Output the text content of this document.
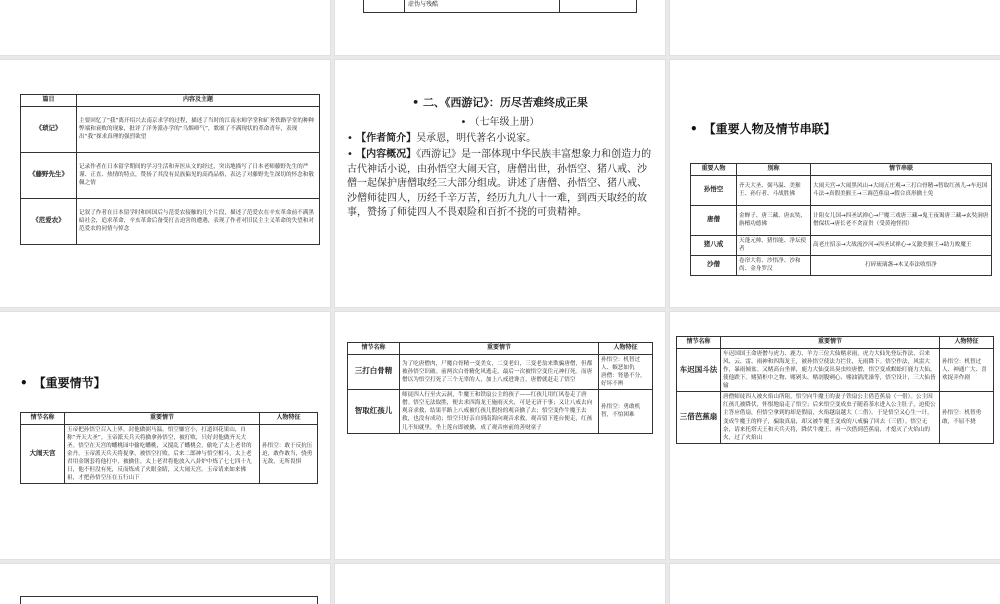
虚伪与残酷
篇目	内容及主题
《琐记》	主要回忆了“我”离开绍兴去南京求学的过程，描述了当时的江南水师学堂和矿务铁路学堂的种种弊端和衰败的现象，批评了洋务派办学的“乌烟瘴气”，歌颂了不满现状的革命青年，表现出“我”探求真理的强烈欲望
《藤野先生》	记录作者在日本留学期间的学习生活和弃医从文的经过，突出地描写了日本老师藤野先生的严谨、正直、热情的特点，赞扬了其没有民族偏见的高尚品格，表达了对藤野先生深切的怀念和敬佩之情
《范爱农》	记叙了作者在日本留学时和回国后与范爱农接触的几个片段，描述了范爱农在辛亥革命前不满黑暗社会，追求革命，辛亥革命后备受打击迫害的遭遇，表现了作者对旧民主主义革命的失望和对范爱农的同情与悼念
• 二、《西游记》：历尽苦难终成正果
• （七年级上册）
• 【作者简介】吴承恩，明代著名小说家。
• 【内容概况】《西游记》是一部体现中华民族丰富想象力和创造力的古代神话小说，由孙悟空大闹天宫，唐僧出世，孙悟空、猪八戒、沙僧一起保护唐僧取经三大部分组成。讲述了唐僧、孙悟空、猪八戒、沙僧师徒四人，历经千辛万苦，经历九九八十一难，到西天取经的故事，赞扬了师徒四人不畏艰险和百折不挠的可贵精神。
• 【重要人物及情节串联】
重要人物	别称	情节串联
孙悟空	齐天大圣、弼马温、美猴王、孙行者、斗战胜佛	大闹天宫→大闹黑风山→大闹五庄观→三打白骨精→智取红孩儿→车迟国斗法→真假美猴王→三调芭蕉扇→假合真形擒土免
唐僧	金蝉子、唐三藏、唐玄奘、旃檀功德佛	计阻女儿国→四圣试禅心→尸魔三戏唐三藏→鬼王夜谒唐三藏→玄奘洞唐僧保状→唐长老不贪富贵（受黄袍怪拐）
猪八戒	天蓬元帅、猪悟能、净坛使者	高老庄招亲→大战流沙河→四圣试禅心→义激美猴王→助力败魔王
沙僧	卷帘大将、沙悟净、沙和尚、金身罗汉	打碎琉璃盏→木叉奉法收悟净
• 【重要情节】
情节名称	重要情节	人物特征
大闹天宫	玉帝把孙悟空召入上界，封他做弼马温。悟空嫌官小，打道回花果山，自称“齐天大圣”。玉帝派天兵天将擒拿孙悟空，被打败，只好封他做齐天大圣。悟空在天宫的蟠桃园中偷吃蟠桃，又搅乱了蟠桃会，偷吃了太上老君的金丹。玉帝派天兵天将捉拿，被悟空打败。后来二郎神与悟空相斗，太上老君用金钢套将他打中，被擒住。太上老君将他放入八卦炉中炼了七七四十九日，他不但没有死，反而炼成了火眼金睛，又大闹天宫。玉帝请来如来佛祖，才把孙悟空压在五行山下	孙悟空：敢于反抗压迫，敢作敢当，骁勇无敌，无所畏惧
情节名称	重要情节	人物特征
三打白骨精	为了吃唐僧肉，尸魔白骨精一变美女，二变老妇，三变老翁来欺骗唐僧，但都被孙悟空识破。前两次白骨精化风逃走，最后一次被悟空变住元神打死。而唐僧以为悟空打死了三个无辜的人，加上八戒进谗言，唐僧就赶走了悟空	孙悟空：机智过人、嫉恶如仇
唐僧：肾愚不分，好坏不辨
智取红孩儿	师徒四人行至火云洞，牛魔王和铁扇公主的孩子——红孩儿用红风卷走了唐僧。悟空无法取胜，便去求四海龙王施雨灭火，可是无济于事；又让八戒去向观音求救，结果半路上八戒被红孩儿假扮的观音擒了去；悟空变作牛魔王去救，也没有成功；悟空只好亲自到南海向观音求救。观音留下莲台便走，红孩儿不知就里，坐上莲台即被擒，成了观音座前的善财童子	孙悟空：勇敢机智，不怕困难
情节名称	重要情节	人物特征
车迟国斗法	车迟国国王命唐僧与虎力、鹿力、羊力三位大仙赌求雨，虎力大仙先登坛作法，召来风、云、雷、雨神和四海龙王，被孙悟空使法力拦住，无雨降下。悟空作法，风雷大作，暴雨倾盆。又赌高台坐禅，鹿力大仙变出臭虫咬唐僧，悟空变成蜈蚣叮鹿力大仙，使他跌下。赌猜柜中之物、赌剁头、赌剖腹剜心、赌油锅洗澡等，悟空设计，三大仙皆输	孙悟空：机智过人、神通广大、喜欢捉弄作剧
三借芭蕉扇	唐僧师徒四人被火焰山所阻，悟空向牛魔王的妻子铁扇公主借芭蕉扇（一借）。公主因红孩儿被降伏，怀恨地扇走了悟空；后来悟空变成虫子随着茶水进入公主肚子，迫使公主答应借扇，但悟空拿到的却是假扇，火焰越扇越大（二借）。于是悟空又心生一计，变成牛魔王的样子，骗取真扇，却又被牛魔王变成的八戒骗了回去（三借）。悟空无奈，请来托塔天王和天兵天将，降伏牛魔王，再一次借到芭蕉扇，才熄灭了火焰山的火，过了火焰山	孙悟空：机智勇敢，不屈不挠
